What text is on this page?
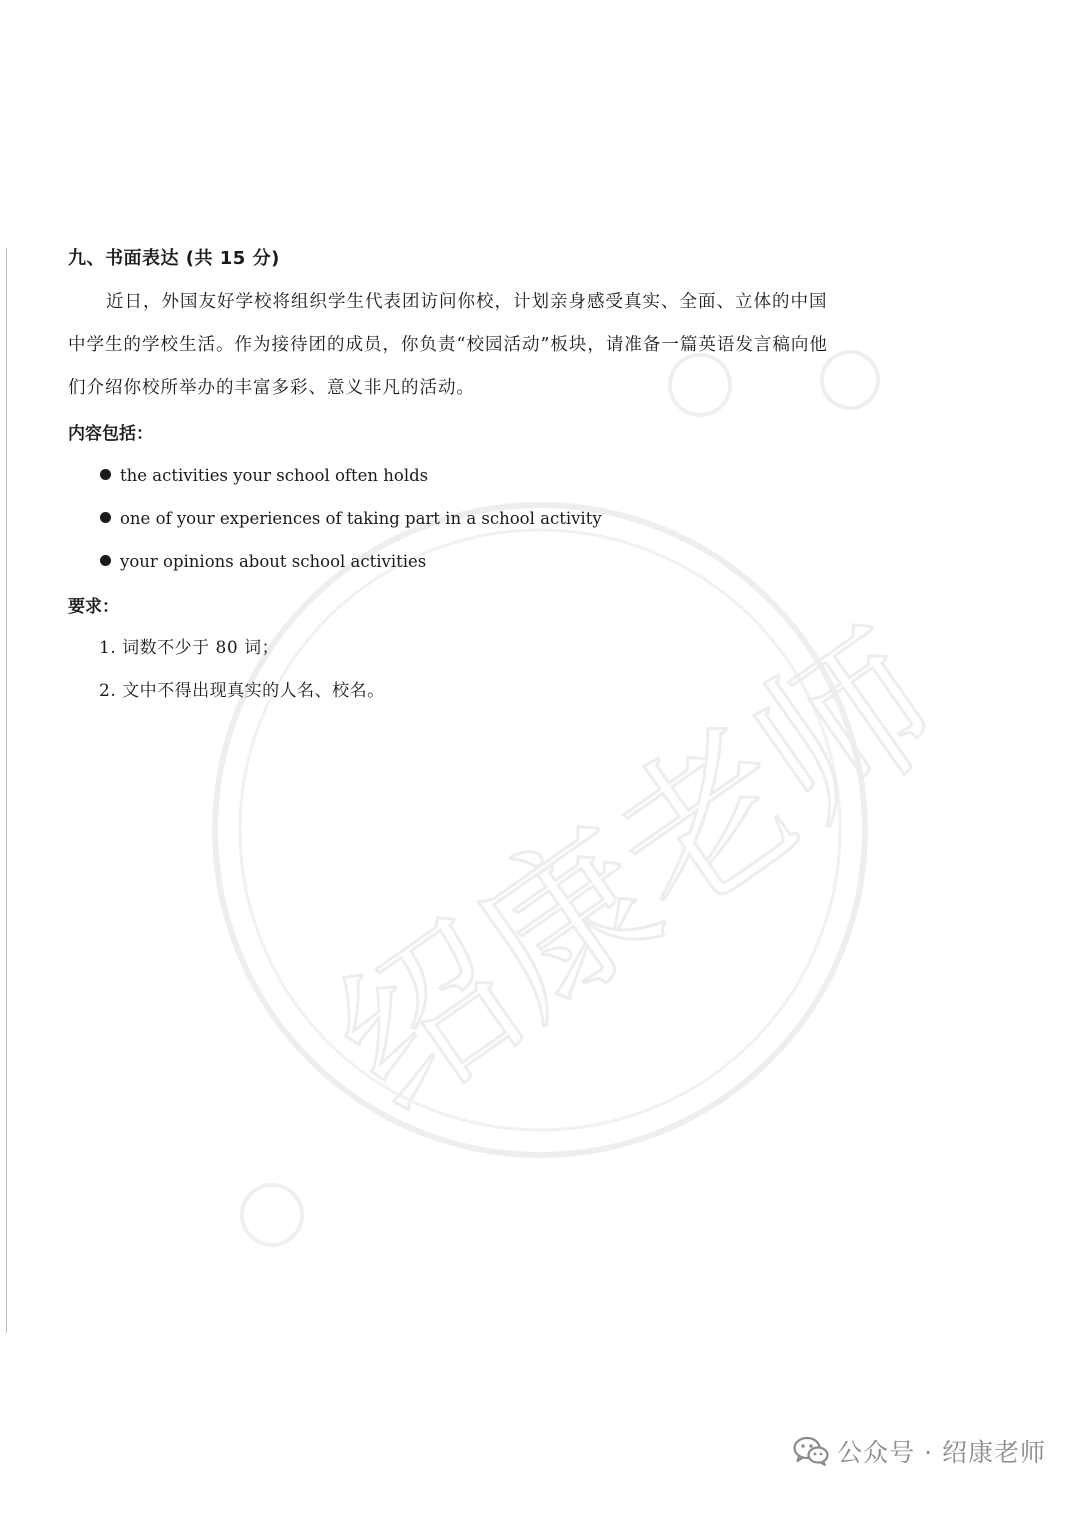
绍康老师
九、书面表达 (共 15 分)

近日，外国友好学校将组织学生代表团访问你校，计划亲身感受真实、全面、立体的中国中学生的学校生活。作为接待团的成员，你负责“校园活动”板块，请准备一篇英语发言稿向他们介绍你校所举办的丰富多彩、意义非凡的活动。

内容包括：
the activities your school often holds
one of your experiences of taking part in a school activity
your opinions about school activities
要求：
1. 词数不少于 80 词；
2. 文中不得出现真实的人名、校名。
公众号 · 绍康老师
